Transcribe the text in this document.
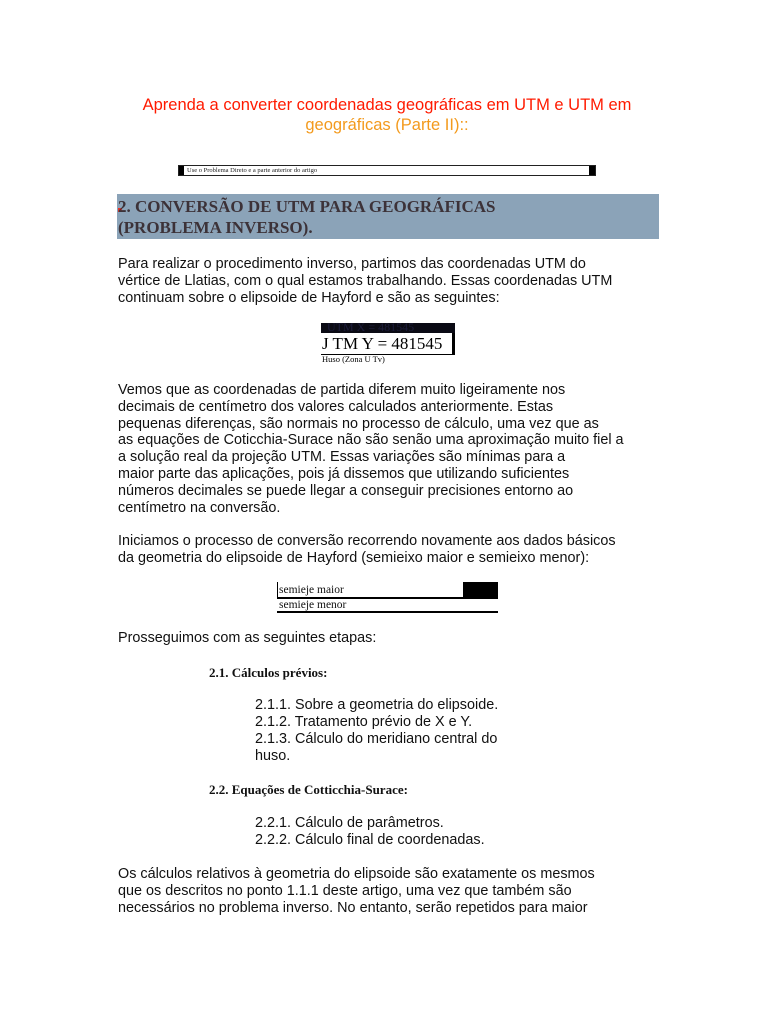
Aprenda a converter coordenadas geográficas em UTM e UTM em
geográficas (Parte II)::
Use o Problema Direto e a parte anterior do artigo
2. CONVERSÃO DE UTM PARA GEOGRÁFICAS
(PROBLEMA INVERSO).
Para realizar o procedimento inverso, partimos das coordenadas UTM do
vértice de Llatias, com o qual estamos trabalhando. Essas coordenadas UTM
continuam sobre o elipsoide de Hayford e são as seguintes:
UTM X = 481545
J TM Y = 481545
Huso (Zona U Tv)
Vemos que as coordenadas de partida diferem muito ligeiramente nos
decimais de centímetro dos valores calculados anteriormente. Estas
pequenas diferenças, são normais no processo de cálculo, uma vez que as
as equações de Coticchia-Surace não são senão uma aproximação muito fiel a
a solução real da projeção UTM. Essas variações são mínimas para a
maior parte das aplicações, pois já dissemos que utilizando suficientes
números decimales se puede llegar a conseguir precisiones entorno ao
centímetro na conversão.
Iniciamos o processo de conversão recorrendo novamente aos dados básicos
da geometria do elipsoide de Hayford (semieixo maior e semieixo menor):
semieje maior
semieje menor
Prosseguimos com as seguintes etapas:
2.1. Cálculos prévios:
2.1.1. Sobre a geometria do elipsoide.
2.1.2. Tratamento prévio de X e Y.
2.1.3. Cálculo do meridiano central do
huso.
2.2. Equações de Cotticchia-Surace:
2.2.1. Cálculo de parâmetros.
2.2.2. Cálculo final de coordenadas.
Os cálculos relativos à geometria do elipsoide são exatamente os mesmos
que os descritos no ponto 1.1.1 deste artigo, uma vez que também são
necessários no problema inverso. No entanto, serão repetidos para maior
